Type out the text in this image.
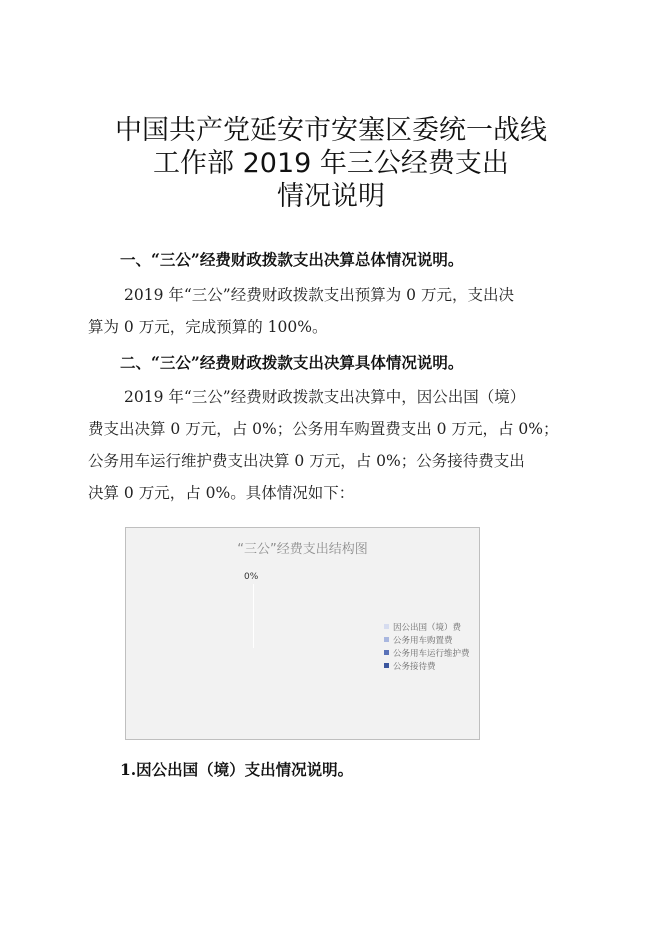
中国共产党延安市安塞区委统一战线
工作部 2019 年三公经费支出
情况说明
一、“三公”经费财政拨款支出决算总体情况说明。
2019 年“三公”经费财政拨款支出预算为 0 万元，支出决
算为 0 万元，完成预算的 100%。
二、“三公”经费财政拨款支出决算具体情况说明。
2019 年“三公”经费财政拨款支出决算中，因公出国（境）
费支出决算 0 万元，占 0%；公务用车购置费支出 0 万元，占 0%；
公务用车运行维护费支出决算 0 万元，占 0%；公务接待费支出
决算 0 万元，占 0%。具体情况如下：
“三公”经费支出结构图
0%
因公出国（境）费
公务用车购置费
公务用车运行维护费
公务接待费
1.因公出国（境）支出情况说明。
